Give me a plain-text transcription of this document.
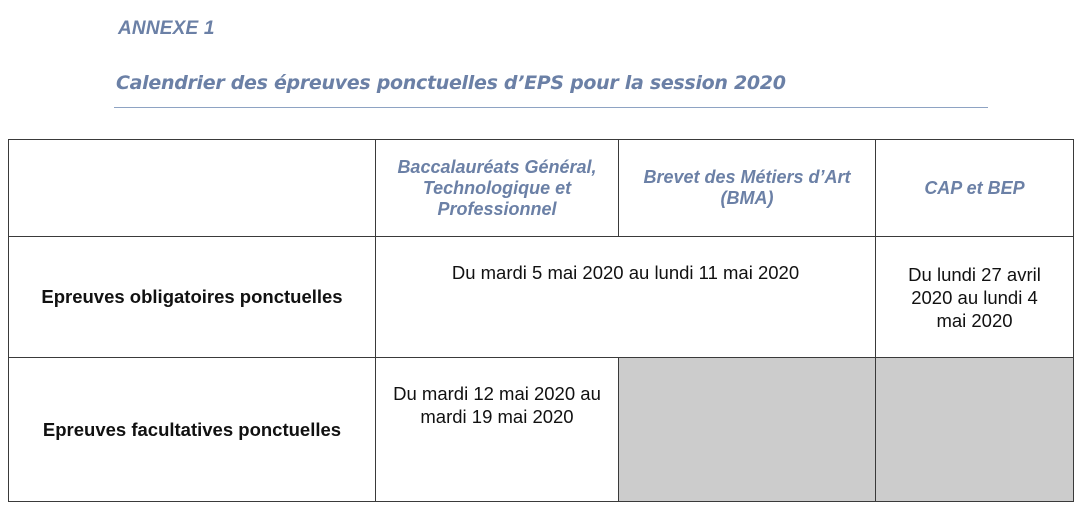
ANNEXE 1
Calendrier des épreuves ponctuelles d’EPS pour la session 2020
	Baccalauréats Général, Technologique et Professionnel	Brevet des Métiers d’Art (BMA)	CAP et BEP
Epreuves obligatoires ponctuelles	Du mardi 5 mai 2020 au lundi 11 mai 2020		Du lundi 27 avril 2020 au lundi 4 mai 2020
Epreuves facultatives ponctuelles	Du mardi 12 mai 2020 au mardi 19 mai 2020		
